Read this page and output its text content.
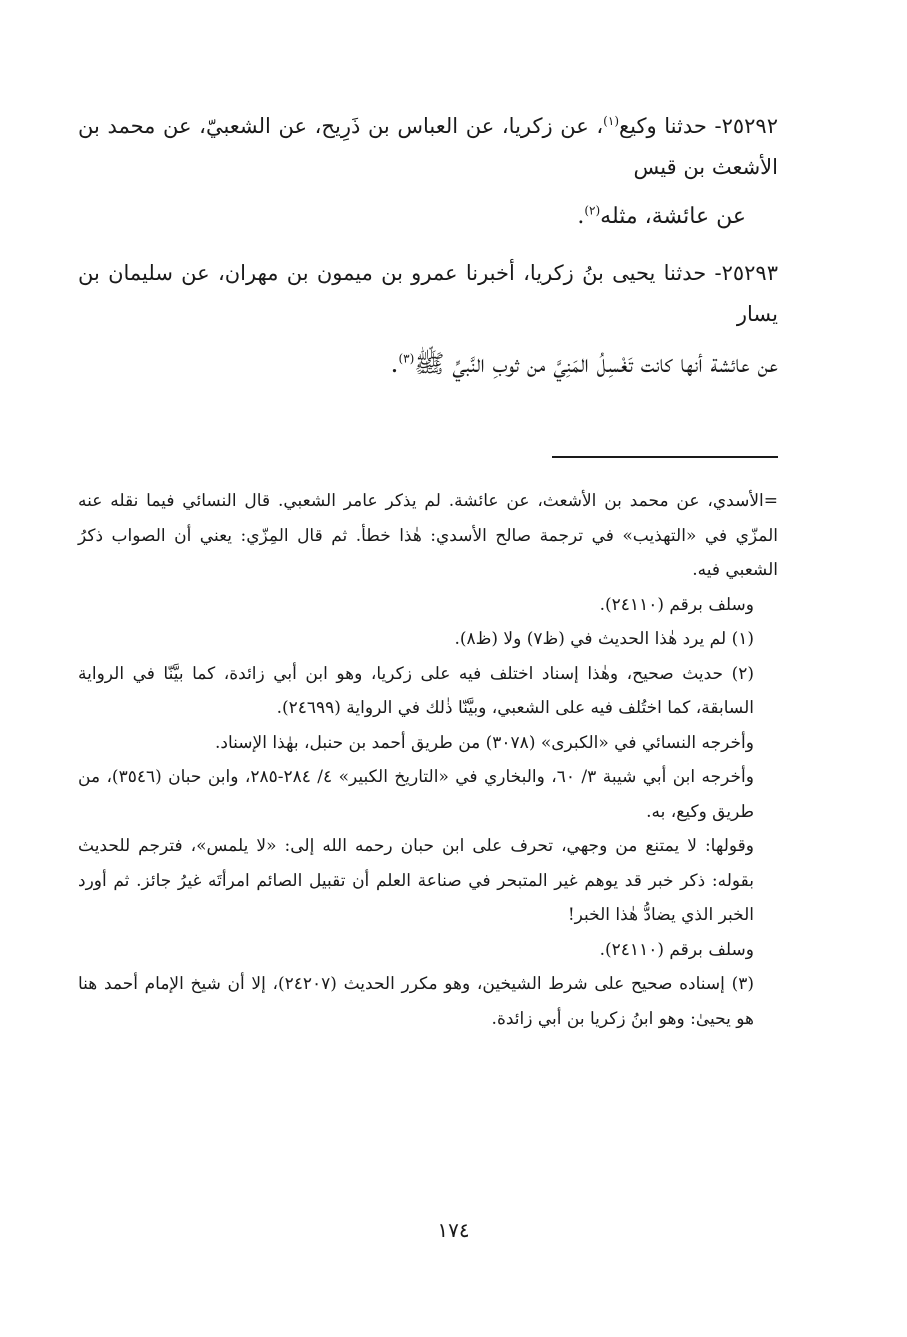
٢٥٢٩٢- حدثنا وكيع$^{(١)}$، عن زكريا، عن العباس بن ذَرِيح، عن الشعبيّ، عن محمد بن الأشعث بن قيس

عن عائشة، مثله$^{(٢)}$.

٢٥٢٩٣- حدثنا يحيى بنُ زكريا، أخبرنا عمرو بن ميمون بن مهران، عن سليمان بن يسار

عن عائشة أنها كانت تَغْسِلُ المَنِيَّ من ثوبِ النَّبيِّ ﷺ$^{(٣)}$.

=الأسدي، عن محمد بن الأشعث، عن عائشة. لم يذكر عامر الشعبي. قال النسائي فيما نقله عنه المزّي في «التهذيب» في ترجمة صالح الأسدي: هٰذا خطأ. ثم قال المِزّي: يعني أن الصواب ذكرُ الشعبي فيه.

وسلف برقم (٢٤١١٠).

(١) لم يرد هٰذا الحديث في (ظ٧) ولا (ظ٨).

(٢) حديث صحيح، وهٰذا إسناد اختلف فيه على زكريا، وهو ابن أبي زائدة، كما بيَّنّا في الرواية السابقة، كما اختُلف فيه على الشعبي، وبيَّنّا ذٰلك في الرواية (٢٤٦٩٩).

وأخرجه النسائي في «الكبرى» (٣٠٧٨) من طريق أحمد بن حنبل، بهٰذا الإسناد.

وأخرجه ابن أبي شيبة ٣/ ٦٠، والبخاري في «التاريخ الكبير» ٤/ ٢٨٤-٢٨٥، وابن حبان (٣٥٤٦)، من طريق وكيع، به.

وقولها: لا يمتنع من وجهي، تحرف على ابن حبان رحمه الله إلى: «لا يلمس»، فترجم للحديث بقوله: ذكر خبر قد يوهم غير المتبحر في صناعة العلم أن تقبيل الصائم امرأتَه غيرُ جائز. ثم أورد الخبر الذي يضادُّ هٰذا الخبر!

وسلف برقم (٢٤١١٠).

(٣) إسناده صحيح على شرط الشيخين، وهو مكرر الحديث (٢٤٢٠٧)، إلا أن شيخ الإمام أحمد هنا هو يحيىٰ: وهو ابنُ زكريا بن أبي زائدة.

١٧٤
